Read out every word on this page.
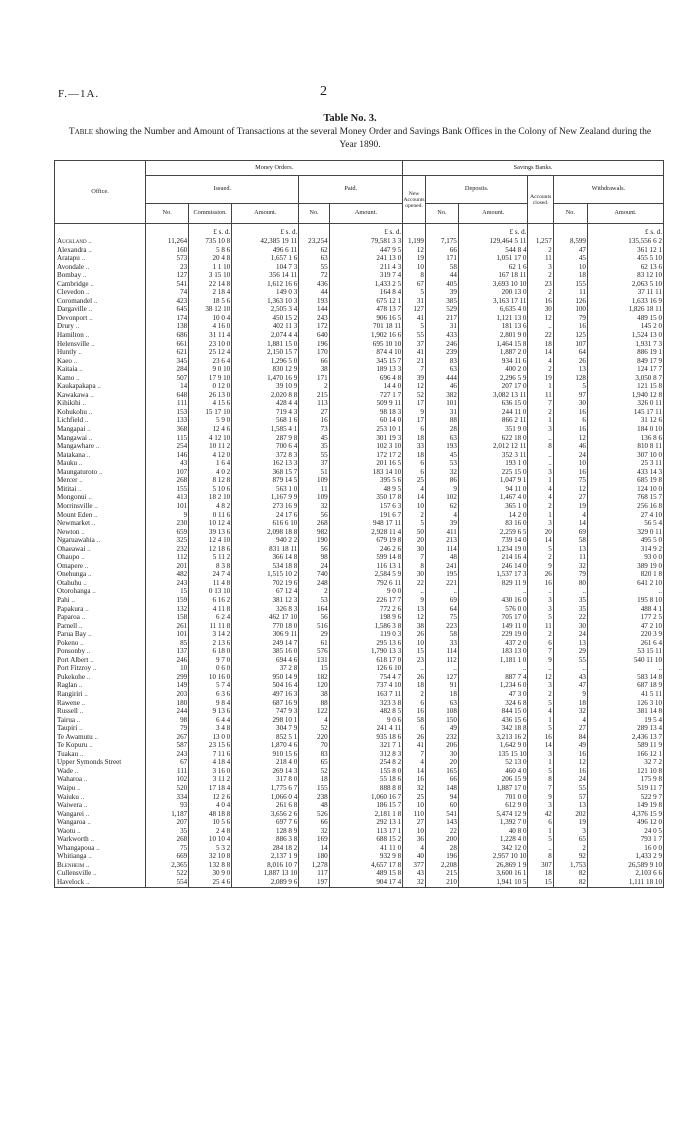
F.—1A.	2
Table No. 3.
Table showing the Number and Amount of Transactions at the several Money Order and Savings Bank Offices in the Colony of New Zealand during the Year 1890.
Office.	Money Orders.					Savings Banks.					
	Issued.			Paid.		New Accounts opened.	Deposits.		Accounts closed.	Withdrawals.	
	No.	Commission.	Amount.	No.	Amount.		No.	Amount.		No.	Amount.
		£ s. d.	£ s. d.		£ s. d.			£ s. d.			£ s. d.
Auckland ..	11,264	735 10 8	42,385 19 11	23,254	79,581 3 3	1,199	7,175	129,464 5 11	1,257	8,599	135,556 6 2
Alexandra ..	160	5 8 6	496 6 11	62	447 9 5	12	66	544 8 4	2	47	361 12 1
Aratapu ..	573	20 4 8	1,657 1 6	63	241 13 0	19	171	1,051 17 0	11	45	455 5 10
Avondale ..	23	1 1 10	104 7 3	55	211 4 3	10	58	62 1 6	3	10	62 13 6
Bombay ..	127	3 15 10	356 14 11	72	319 7 4	8	44	167 18 11	2	18	83 12 10
Cambridge ..	541	22 14 8	1,612 16 6	436	1,433 2 5	67	405	3,693 10 10	23	155	2,063 5 10
Clevedon ..	74	2 18 4	149 0 3	44	164 8 4	5	39	200 13 0	2	11	37 11 11
Coromandel ..	423	18 5 6	1,363 10 3	193	675 12 1	31	385	3,163 17 11	16	126	1,633 16 9
Dargaville ..	645	38 12 10	2,505 3 4	144	478 13 7	127	529	6,635 4 0	30	100	1,826 18 11
Devonport ..	174	10 0 4	450 15 2	243	906 16 5	41	217	1,121 13 0	12	79	489 15 0
Drury ..	138	4 16 0	402 11 3	172	701 18 11	5	31	181 13 6	..	16	145 2 0
Hamilton ..	686	31 11 4	2,074 4 4	640	1,902 16 6	55	433	2,801 9 0	22	125	1,524 13 0
Helensville ..	661	23 10 0	1,881 15 0	196	695 10 10	37	246	1,464 15 8	18	107	1,931 7 3
Huntly ..	621	25 12 4	2,150 15 7	170	874 4 10	41	239	1,887 2 0	14	64	886 19 1
Kaeo ..	345	23 6 4	1,296 5 0	66	345 15 7	21	83	934 11 6	4	26	849 17 9
Kaitaia ..	284	9 0 10	830 12 9	38	189 13 3	7	63	400 2 0	2	13	124 17 7
Kamo ..	507	17 9 10	1,470 16 9	171	696 4 8	39	444	2,296 5 9	19	128	3,050 8 7
Kaukapakapa ..	14	0 12 0	39 10 9	2	14 4 0	12	46	207 17 0	1	5	121 15 8
Kawakawa ..	648	26 13 0	2,020 8 8	215	727 1 7	52	382	3,082 13 11	11	97	1,940 12 8
Kihikihi ..	111	4 15 6	428 4 4	113	509 9 11	17	101	636 15 0	7	30	326 0 11
Kohukohu ..	153	15 17 10	719 4 3	27	98 18 3	9	31	244 11 0	2	16	145 17 11
Lichfield ..	133	5 9 0	568 1 6	16	60 14 0	17	88	866 2 11	1	6	31 12 6
Mangapai ..	368	12 4 6	1,585 4 1	73	253 10 1	6	28	351 9 0	3	16	184 0 10
Mangawai ..	115	4 12 10	287 9 8	45	301 19 3	18	63	622 18 0	..	12	136 8 6
Mangawhare ..	254	10 11 2	700 6 4	35	102 3 10	33	193	2,012 12 11	8	46	810 8 11
Matakana ..	146	4 12 0	372 8 3	55	172 17 2	18	45	352 3 11	..	24	307 10 0
Mauku ..	43	1 6 4	162 13 3	37	201 16 5	6	53	193 1 0	..	10	25 3 11
Maungaturoto ..	107	4 0 2	368 15 7	51	183 14 10	6	32	225 15 0	3	16	433 14 3
Mercer ..	268	8 12 8	879 14 5	109	395 5 6	25	86	1,047 9 1	1	75	685 19 8
Mititai ..	155	5 10 6	563 1 0	11	48 9 5	4	9	94 11 0	4	12	124 10 0
Mongonui ..	413	18 2 10	1,167 9 9	109	350 17 8	14	102	1,467 4 0	4	27	768 15 7
Morrinsville ..	101	4 8 2	273 16 9	32	157 6 3	10	62	365 1 0	2	19	256 16 8
Mount Eden ..	9	0 11 6	24 17 6	56	191 6 7	2	4	14 2 0	1	4	27 4 10
Newmarket ..	230	10 12 4	616 6 10	268	948 17 11	5	39	83 16 0	3	14	56 5 4
Newton ..	659	39 13 6	2,098 18 8	982	2,928 11 4	50	411	2,259 6 5	20	69	329 0 11
Ngaruawahia ..	325	12 4 10	940 2 2	190	679 19 8	20	213	739 14 0	14	58	495 5 0
Ohaeawai ..	232	12 18 6	831 18 11	56	246 2 6	30	114	1,234 19 0	5	13	314 9 2
Ohaupo ..	112	5 11 2	366 14 8	98	599 14 8	7	48	214 16 4	2	11	93 0 0
Omapere ..	201	8 3 8	534 18 8	24	116 13 1	8	241	246 14 0	9	32	389 19 0
Onehunga ..	482	24 7 4	1,515 10 2	740	2,584 5 9	30	195	1,537 17 3	26	79	820 1 8
Otahuhu ..	243	11 4 8	702 19 6	248	792 6 11	22	221	829 11 9	16	80	641 2 10
Otorohanga ..	15	0 13 10	67 12 4	2	9 0 0	..	..	..	..	..	..
Pahi ..	159	6 16 2	381 12 3	53	226 17 7	9	69	430 16 0	3	35	195 8 10
Papakura ..	132	4 11 8	326 8 3	164	772 2 6	13	64	576 0 0	3	35	488 4 1
Paparoa ..	158	6 2 4	462 17 10	56	198 9 6	12	75	705 17 0	5	22	177 2 5
Parnell ..	261	11 11 8	770 18 0	516	1,586 3 8	38	223	149 11 0	11	30	47 2 10
Parua Bay ..	101	3 14 2	306 9 11	29	119 0 3	26	58	229 19 0	2	24	220 3 9
Pokeno ..	85	2 13 6	249 14 7	61	295 13 6	10	33	437 2 0	6	13	261 6 4
Ponsonby ..	137	6 18 0	385 16 0	576	1,790 13 3	15	114	183 13 0	7	29	53 15 11
Port Albert ..	246	9 7 0	694 4 6	131	618 17 0	23	112	1,181 1 0	9	55	540 11 10
Port Fitzroy ..	10	0 6 0	37 2 8	15	126 6 10	..	..	..	..	..	..
Pukekohe ..	299	10 16 0	950 14 9	182	754 4 7	26	127	887 7 4	12	43	583 14 8
Raglan ..	149	5 7 4	504 16 4	120	737 4 10	18	91	1,234 6 0	3	47	687 18 9
Rangiriri ..	203	6 3 6	497 16 3	38	163 7 11	2	18	47 3 0	2	9	41 5 11
Rawene ..	180	9 8 4	687 16 9	88	323 3 8	6	63	324 6 8	5	18	126 3 10
Russell ..	244	9 13 6	747 9 3	122	482 8 5	16	108	844 15 0	4	32	381 14 8
Tairua ..	98	6 4 4	298 10 1	4	9 0 6	58	150	436 15 6	1	4	19 5 4
Taupiri ..	79	3 4 8	304 7 9	52	241 4 11	6	49	342 18 8	5	27	289 13 4
Te Awamutu ..	267	13 0 0	852 5 1	220	935 18 6	26	232	3,213 16 2	16	84	2,436 13 7
Te Kopuru ..	587	23 15 6	1,870 4 6	70	321 7 1	41	206	1,642 9 0	14	49	589 11 9
Tuakau ..	243	7 11 6	910 15 6	83	312 8 3	7	30	135 15 10	3	16	166 12 1
Upper Symonds Street	67	4 18 4	218 4 0	65	254 8 2	4	20	52 13 0	1	12	32 7 2
Wade ..	111	3 16 0	269 14 3	52	155 8 0	14	165	460 4 0	5	16	121 10 8
Waharoa ..	102	3 11 2	317 8 0	18	55 18 6	16	66	206 15 9	8	24	175 9 8
Waipu ..	520	17 18 4	1,775 6 7	155	888 8 8	32	148	1,887 17 0	7	55	519 11 7
Waiuku ..	334	12 2 6	1,066 0 4	238	1,060 16 7	25	94	701 0 0	9	57	522 9 7
Waiwera ..	93	4 0 4	261 6 8	48	186 15 7	10	60	612 9 0	3	13	149 19 8
Wangarei ..	1,187	48 18 8	3,656 2 6	526	2,181 1 8	110	541	5,474 12 9	42	202	4,376 15 9
Wangaroa ..	207	10 5 6	697 7 6	66	292 13 1	27	143	1,392 7 0	6	19	496 12 0
Waotu ..	35	2 4 8	128 8 9	32	113 17 1	10	22	40 8 0	1	3	24 0 5
Warkworth ..	268	10 10 4	886 3 8	169	688 15 2	36	200	1,228 4 0	5	65	793 1 7
Whangapoua ..	75	5 3 2	284 18 2	14	41 11 0	4	28	342 12 0	..	2	16 0 0
Whitianga ..	669	32 10 8	2,137 1 9	180	932 9 8	40	196	2,957 10 10	8	92	1,433 2 9
Blenheim ..	2,365	132 8 8	8,016 10 7	1,278	4,657 17 8	377	2,208	26,869 1 9	307	1,753	26,589 9 10
Cullensville ..	522	30 9 0	1,887 13 10	117	489 15 8	43	215	3,600 16 1	18	82	2,103 6 6
Havelock ..	554	25 4 6	2,089 9 6	197	904 17 4	32	210	1,941 10 5	15	82	1,111 18 10
